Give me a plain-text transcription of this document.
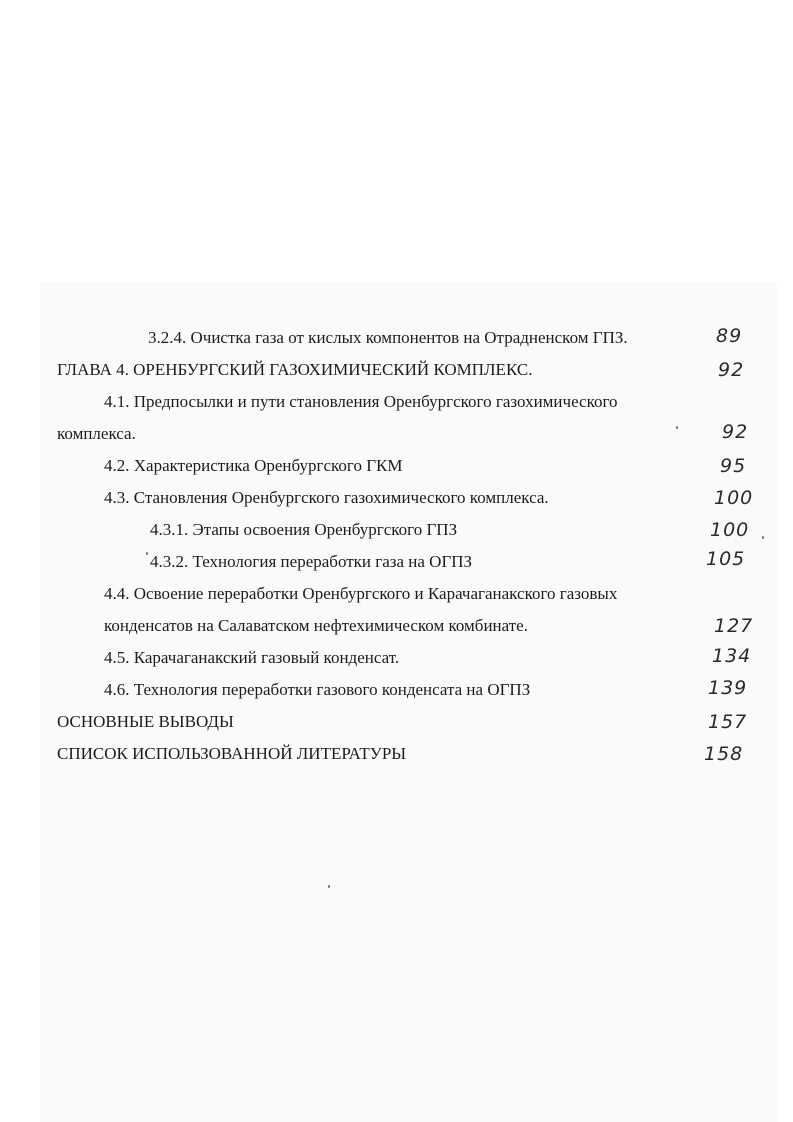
3.2.4. Очистка газа от кислых компонентов на Отрадненском ГПЗ.	89
ГЛАВА 4. ОРЕНБУРГСКИЙ ГАЗОХИМИЧЕСКИЙ КОМПЛЕКС.	92
4.1. Предпосылки и пути становления Оренбургского газохимического
комплекса.	92
4.2. Характеристика Оренбургского ГКМ	95
4.3. Становления Оренбургского газохимического комплекса.	100
4.3.1. Этапы освоения Оренбургского ГПЗ	100
4.3.2. Технология переработки газа на ОГПЗ	105
4.4. Освоение переработки Оренбургского и Карачаганакского газовых
конденсатов на Салаватском нефтехимическом комбинате.	127
4.5. Карачаганакский газовый конденсат.	134
4.6. Технология переработки газового конденсата на ОГПЗ	139
ОСНОВНЫЕ ВЫВОДЫ	157
СПИСОК ИСПОЛЬЗОВАННОЙ ЛИТЕРАТУРЫ	158
